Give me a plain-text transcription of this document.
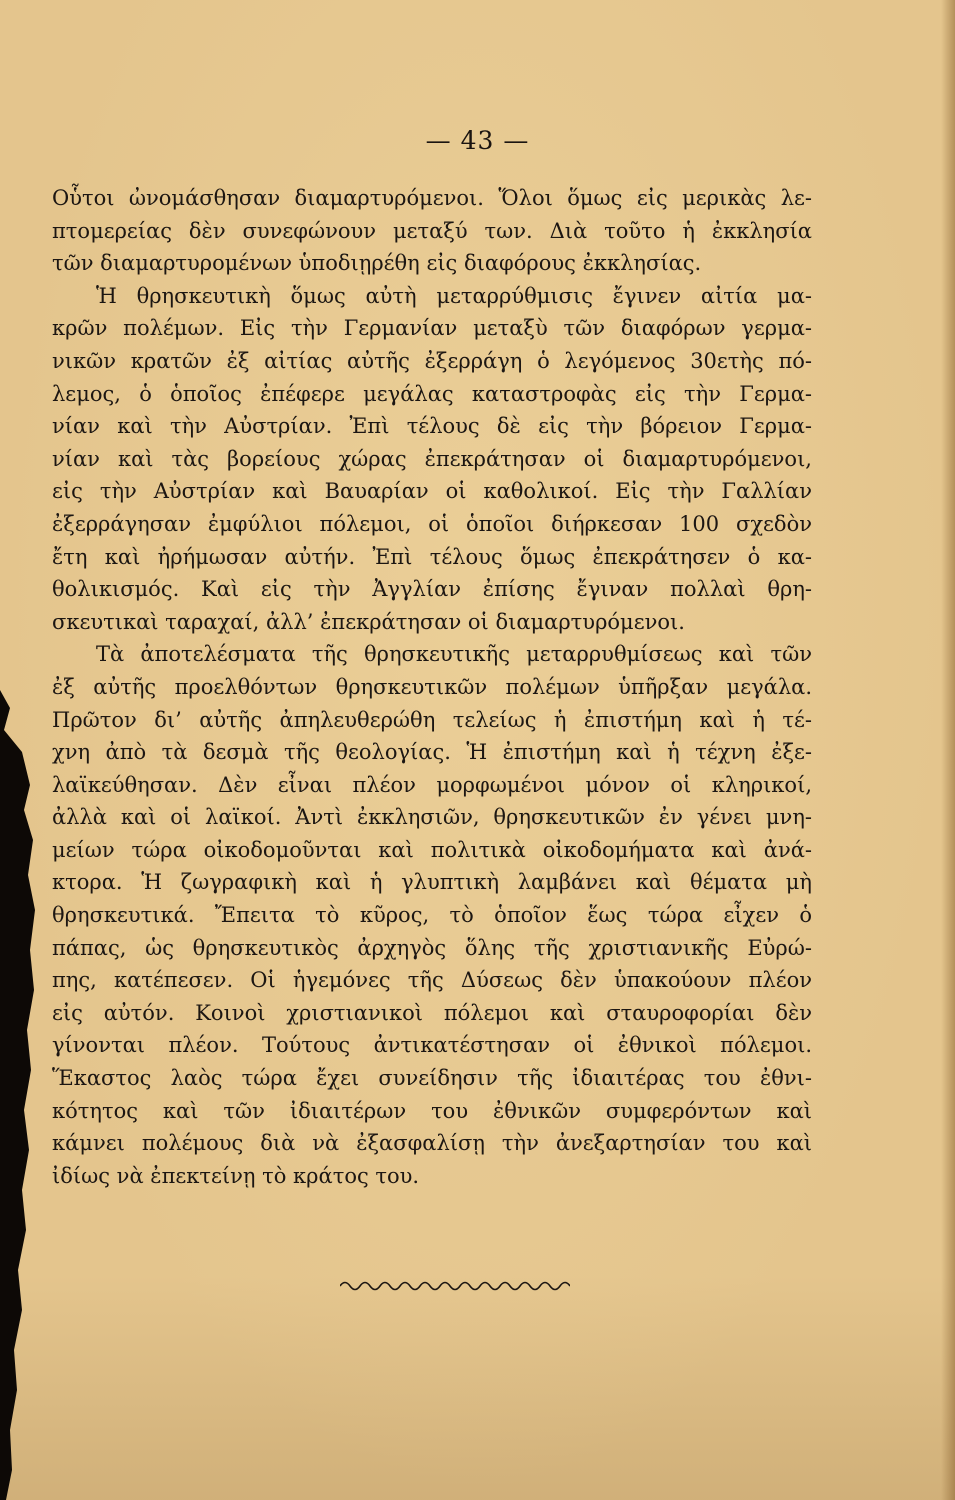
— 43 —
Οὗτοι ὠνομάσθησαν διαμαρτυρόμενοι. Ὅλοι ὅμως εἰς μερικὰς λε-
πτομερείας δὲν συνεφώνουν μεταξύ των. Διὰ τοῦτο ἡ ἐκκλησία
τῶν διαμαρτυρομένων ὑποδιῃρέθη εἰς διαφόρους ἐκκλησίας.
Ἡ θρησκευτικὴ ὅμως αὐτὴ μεταρρύθμισις ἔγινεν αἰτία μα-
κρῶν πολέμων. Εἰς τὴν Γερμανίαν μεταξὺ τῶν διαφόρων γερμα-
νικῶν κρατῶν ἐξ αἰτίας αὐτῆς ἐξερράγη ὁ λεγόμενος 30ετὴς πό-
λεμος, ὁ ὁποῖος ἐπέφερε μεγάλας καταστροφὰς εἰς τὴν Γερμα-
νίαν καὶ τὴν Αὐστρίαν. Ἐπὶ τέλους δὲ εἰς τὴν βόρειον Γερμα-
νίαν καὶ τὰς βορείους χώρας ἐπεκράτησαν οἱ διαμαρτυρόμενοι,
εἰς τὴν Αὐστρίαν καὶ Βαυαρίαν οἱ καθολικοί. Εἰς τὴν Γαλλίαν
ἐξερράγησαν ἐμφύλιοι πόλεμοι, οἱ ὁποῖοι διήρκεσαν 100 σχεδὸν
ἔτη καὶ ἠρήμωσαν αὐτήν. Ἐπὶ τέλους ὅμως ἐπεκράτησεν ὁ κα-
θολικισμός. Καὶ εἰς τὴν Ἀγγλίαν ἐπίσης ἔγιναν πολλαὶ θρη-
σκευτικαὶ ταραχαί, ἀλλ’ ἐπεκράτησαν οἱ διαμαρτυρόμενοι.
Τὰ ἀποτελέσματα τῆς θρησκευτικῆς μεταρρυθμίσεως καὶ τῶν
ἐξ αὐτῆς προελθόντων θρησκευτικῶν πολέμων ὑπῆρξαν μεγάλα.
Πρῶτον δι’ αὐτῆς ἀπηλευθερώθη τελείως ἡ ἐπιστήμη καὶ ἡ τέ-
χνη ἀπὸ τὰ δεσμὰ τῆς θεολογίας. Ἡ ἐπιστήμη καὶ ἡ τέχνη ἐξε-
λαϊκεύθησαν. Δὲν εἶναι πλέον μορφωμένοι μόνον οἱ κληρικοί,
ἀλλὰ καὶ οἱ λαϊκοί. Ἀντὶ ἐκκλησιῶν, θρησκευτικῶν ἐν γένει μνη-
μείων τώρα οἰκοδομοῦνται καὶ πολιτικὰ οἰκοδομήματα καὶ ἀνά-
κτορα. Ἡ ζωγραφικὴ καὶ ἡ γλυπτικὴ λαμβάνει καὶ θέματα μὴ
θρησκευτικά. Ἔπειτα τὸ κῦρος, τὸ ὁποῖον ἕως τώρα εἶχεν ὁ
πάπας, ὡς θρησκευτικὸς ἀρχηγὸς ὅλης τῆς χριστιανικῆς Εὐρώ-
πης, κατέπεσεν. Οἱ ἡγεμόνες τῆς Δύσεως δὲν ὑπακούουν πλέον
εἰς αὐτόν. Κοινοὶ χριστιανικοὶ πόλεμοι καὶ σταυροφορίαι δὲν
γίνονται πλέον. Τούτους ἀντικατέστησαν οἱ ἐθνικοὶ πόλεμοι.
Ἕκαστος λαὸς τώρα ἔχει συνείδησιν τῆς ἰδιαιτέρας του ἐθνι-
κότητος καὶ τῶν ἰδιαιτέρων του ἐθνικῶν συμφερόντων καὶ
κάμνει πολέμους διὰ νὰ ἐξασφαλίσῃ τὴν ἀνεξαρτησίαν του καὶ
ἰδίως νὰ ἐπεκτείνῃ τὸ κράτος του.
